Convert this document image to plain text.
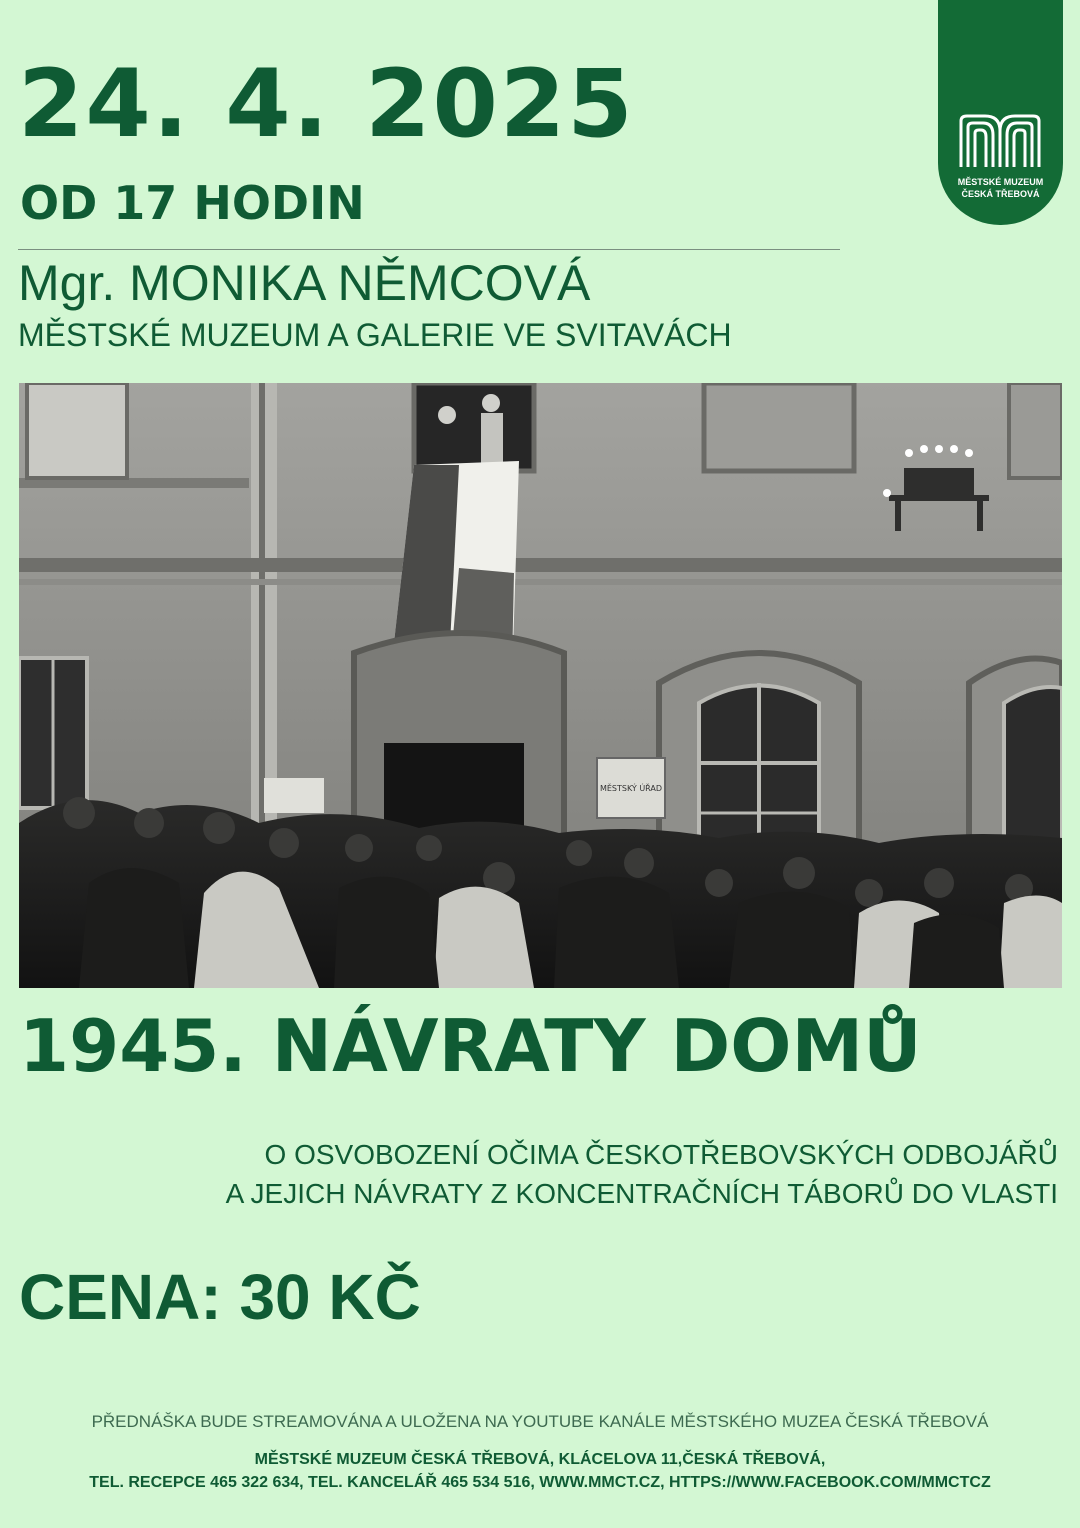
24. 4. 2025
OD 17 HODIN
Mgr. MONIKA NĚMCOVÁ
MĚSTSKÉ MUZEUM A GALERIE VE SVITAVÁCH
MĚSTSKÉ MUZEUM
ČESKÁ TŘEBOVÁ
MĚSTSKÝ ÚŘAD
1945. NÁVRATY DOMŮ
O OSVOBOZENÍ OČIMA ČESKOTŘEBOVSKÝCH ODBOJÁŘŮ
A JEJICH NÁVRATY Z KONCENTRAČNÍCH TÁBORŮ DO VLASTI
CENA: 30 KČ
PŘEDNÁŠKA BUDE STREAMOVÁNA A ULOŽENA NA YOUTUBE KANÁLE MĚSTSKÉHO MUZEA ČESKÁ TŘEBOVÁ
MĚSTSKÉ MUZEUM ČESKÁ TŘEBOVÁ, KLÁCELOVA 11,ČESKÁ TŘEBOVÁ,
TEL. RECEPCE 465 322 634, TEL. KANCELÁŘ 465 534 516, WWW.MMCT.CZ, HTTPS://WWW.FACEBOOK.COM/MMCTCZ
